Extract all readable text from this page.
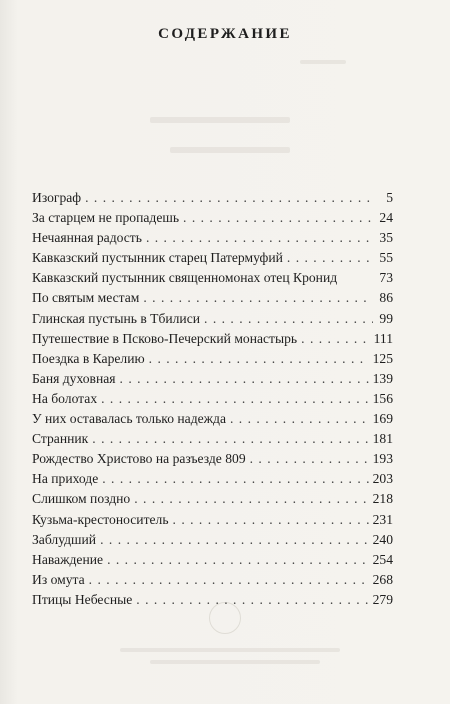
СОДЕРЖАНИЕ
Изограф . . .	5
За старцем не пропадешь . . .	24
Нечаянная радость . . .	35
Кавказский пустынник старец Патермуфий . . .	55
Кавказский пустынник священномонах отец Кронид	73
По святым местам . . .	86
Глинская пустынь в Тбилиси . . .	99
Путешествие в Псково-Печерский монастырь . . .	111
Поездка в Карелию . . .	125
Баня духовная . . .	139
На болотах . . .	156
У них оставалась только надежда . . .	169
Странник . . .	181
Рождество Христово на разъезде 809 . . .	193
На приходе . . .	203
Слишком поздно . . .	218
Кузьма-крестоноситель . . .	231
Заблудший . . .	240
Наваждение . . .	254
Из омута . . .	268
Птицы Небесные . . .	279
